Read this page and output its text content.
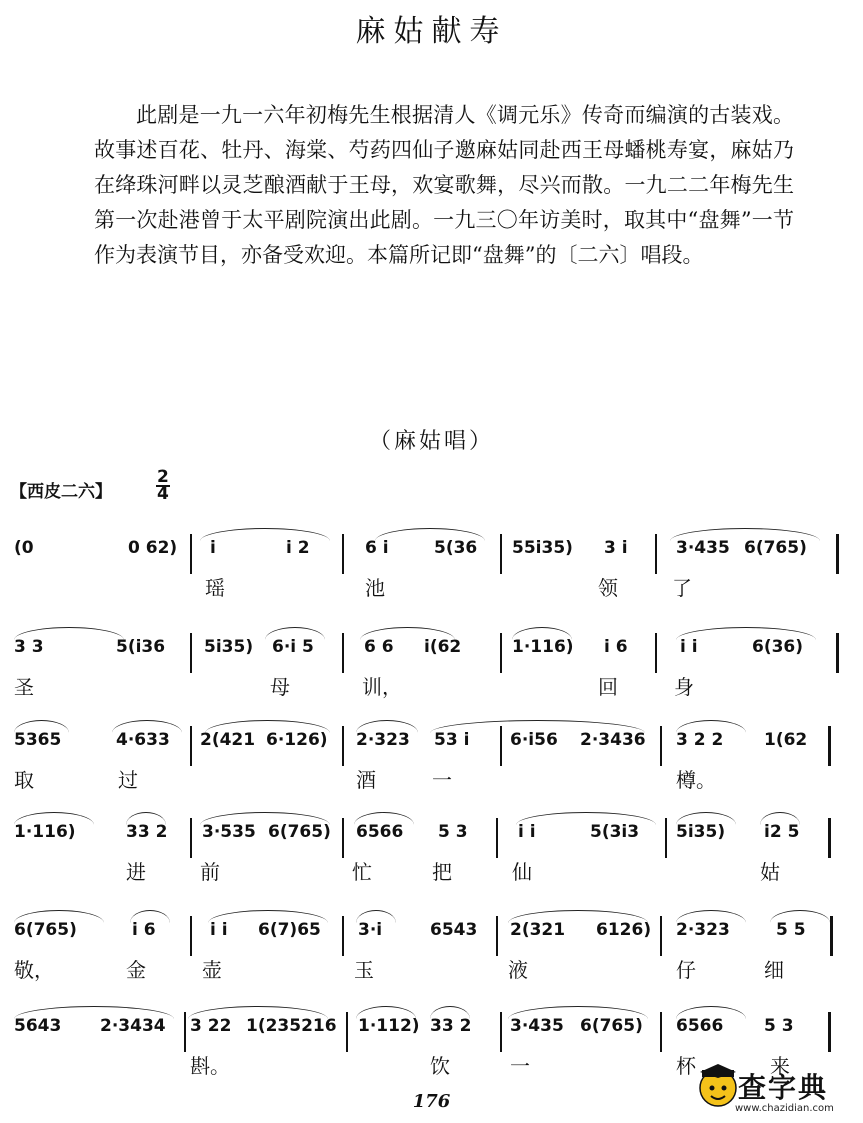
麻姑献寿

此剧是一九一六年初梅先生根据清人《调元乐》传奇而编演的古装戏。故事述百花、牡丹、海棠、芍药四仙子邀麻姑同赴西王母蟠桃寿宴，麻姑乃在绛珠河畔以灵芝酿酒献于王母，欢宴歌舞，尽兴而散。一九二二年梅先生第一次赴港曾于太平剧院演出此剧。一九三〇年访美时，取其中“盘舞”一节作为表演节目，亦备受欢迎。本篇所记即“盘舞”的〔二六〕唱段。

（麻姑唱）
【西皮二六】	$\frac{2}{4}$
(0	0 62) i	i 2	6 i	5(36 55i35) 3 i	3·435 6(765)
瑶	池	领	了
3 3	5(i36 5i35) 6·i 5	6 6 i(62	1·116) i 6	i i	6(36)
圣	母	训，	回	身
5365	4·633 2(421 6·126) 2·323 53 i 6·i56 2·3436 3 2 2 1(62
取	过	酒	一	樽。
1·116)	33 2 3·535 6(765) 6566 5 3	i i	5(3i3 5i35) i2 5
进	前	忙	把	仙	姑
6(765)	i 6	i i 6(7)65 3·i	6543 2(321 6126) 2·323	5 5
敬，	金	壶	玉	液	仔	细
5643 2·3434 3 22 1(235216 1·112) 33 2 3·435 6(765) 6566 5 3
斟。	饮	一	杯	来
176	查字典
www.chazidian.com
